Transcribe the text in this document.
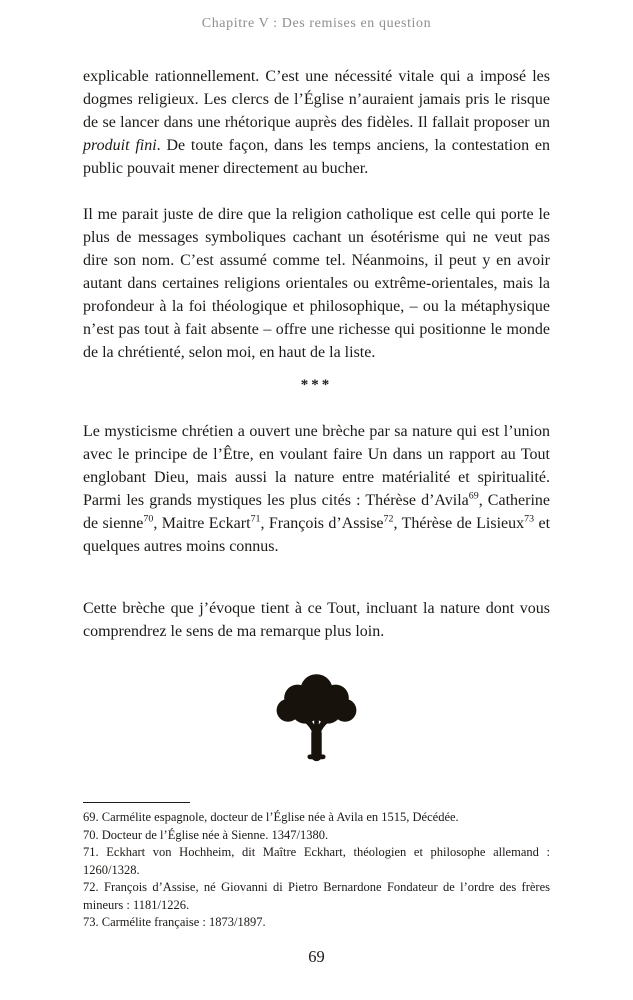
Chapitre V : Des remises en question

explicable rationnellement. C’est une nécessité vitale qui a imposé les dogmes religieux. Les clercs de l’Église n’auraient jamais pris le risque de se lancer dans une rhétorique auprès des fidèles. Il fallait proposer un produit fini. De toute façon, dans les temps anciens, la contestation en public pouvait mener directement au bucher.

Il me parait juste de dire que la religion catholique est celle qui porte le plus de messages symboliques cachant un ésotérisme qui ne veut pas dire son nom. C’est assumé comme tel. Néanmoins, il peut y en avoir autant dans certaines religions orientales ou extrême-orientales, mais la profondeur à la foi théologique et philosophique, – ou la métaphysique n’est pas tout à fait absente – offre une richesse qui positionne le monde de la chrétienté, selon moi, en haut de la liste.

***

Le mysticisme chrétien a ouvert une brèche par sa nature qui est l’union avec le principe de l’Être, en voulant faire Un dans un rapport au Tout englobant Dieu, mais aussi la nature entre matérialité et spiritualité. Parmi les grands mystiques les plus cités : Thérèse d’Avila$^{69}$, Catherine de sienne$^{70}$, Maitre Eckart$^{71}$, François d’Assise$^{72}$, Thérèse de Lisieux$^{73}$ et quelques autres moins connus.

Cette brèche que j’évoque tient à ce Tout, incluant la nature dont vous comprendrez le sens de ma remarque plus loin.

69. Carmélite espagnole, docteur de l’Église née à Avila en 1515, Décédée.

70. Docteur de l’Église née à Sienne. 1347/1380.

71. Eckhart von Hochheim, dit Maître Eckhart, théologien et philosophe allemand : 1260/1328.

72. François d’Assise, né Giovanni di Pietro Bernardone Fondateur de l’ordre des frères mineurs : 1181/1226.

73. Carmélite française : 1873/1897.

69
